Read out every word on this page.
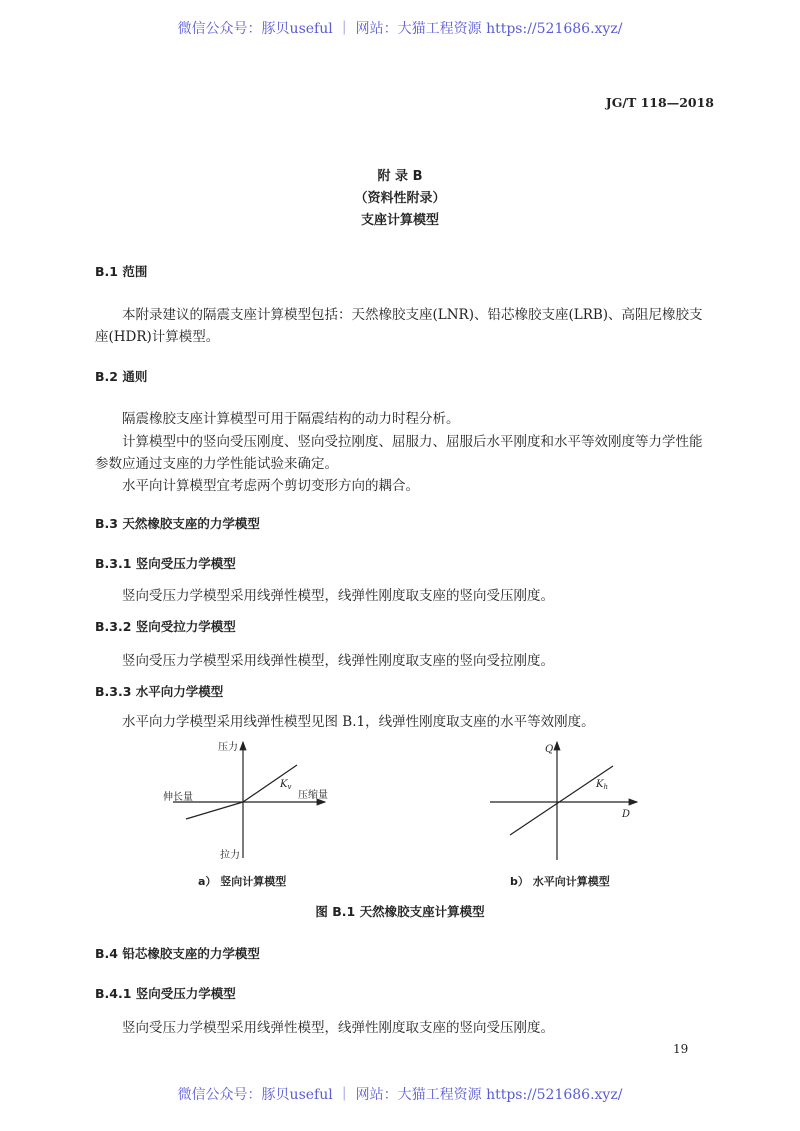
微信公众号：豚贝useful ｜ 网站：大猫工程资源 https://521686.xyz/
JG/T 118—2018
附 录 B
（资料性附录）
支座计算模型
B.1 范围
本附录建议的隔震支座计算模型包括：天然橡胶支座(LNR)、铅芯橡胶支座(LRB)、高阻尼橡胶支
座(HDR)计算模型。
B.2 通则
隔震橡胶支座计算模型可用于隔震结构的动力时程分析。
计算模型中的竖向受压刚度、竖向受拉刚度、屈服力、屈服后水平刚度和水平等效刚度等力学性能
参数应通过支座的力学性能试验来确定。
水平向计算模型宜考虑两个剪切变形方向的耦合。
B.3 天然橡胶支座的力学模型
B.3.1 竖向受压力学模型
竖向受压力学模型采用线弹性模型，线弹性刚度取支座的竖向受压刚度。
B.3.2 竖向受拉力学模型
竖向受压力学模型采用线弹性模型，线弹性刚度取支座的竖向受拉刚度。
B.3.3 水平向力学模型
水平向力学模型采用线弹性模型见图 B.1，线弹性刚度取支座的水平等效刚度。
压力
拉力
伸长量	压缩量
$K_v$
Q
D
$K_h$
a） 竖向计算模型	b） 水平向计算模型
图 B.1 天然橡胶支座计算模型
B.4 铅芯橡胶支座的力学模型
B.4.1 竖向受压力学模型
竖向受压力学模型采用线弹性模型，线弹性刚度取支座的竖向受压刚度。
19
微信公众号：豚贝useful ｜ 网站：大猫工程资源 https://521686.xyz/
